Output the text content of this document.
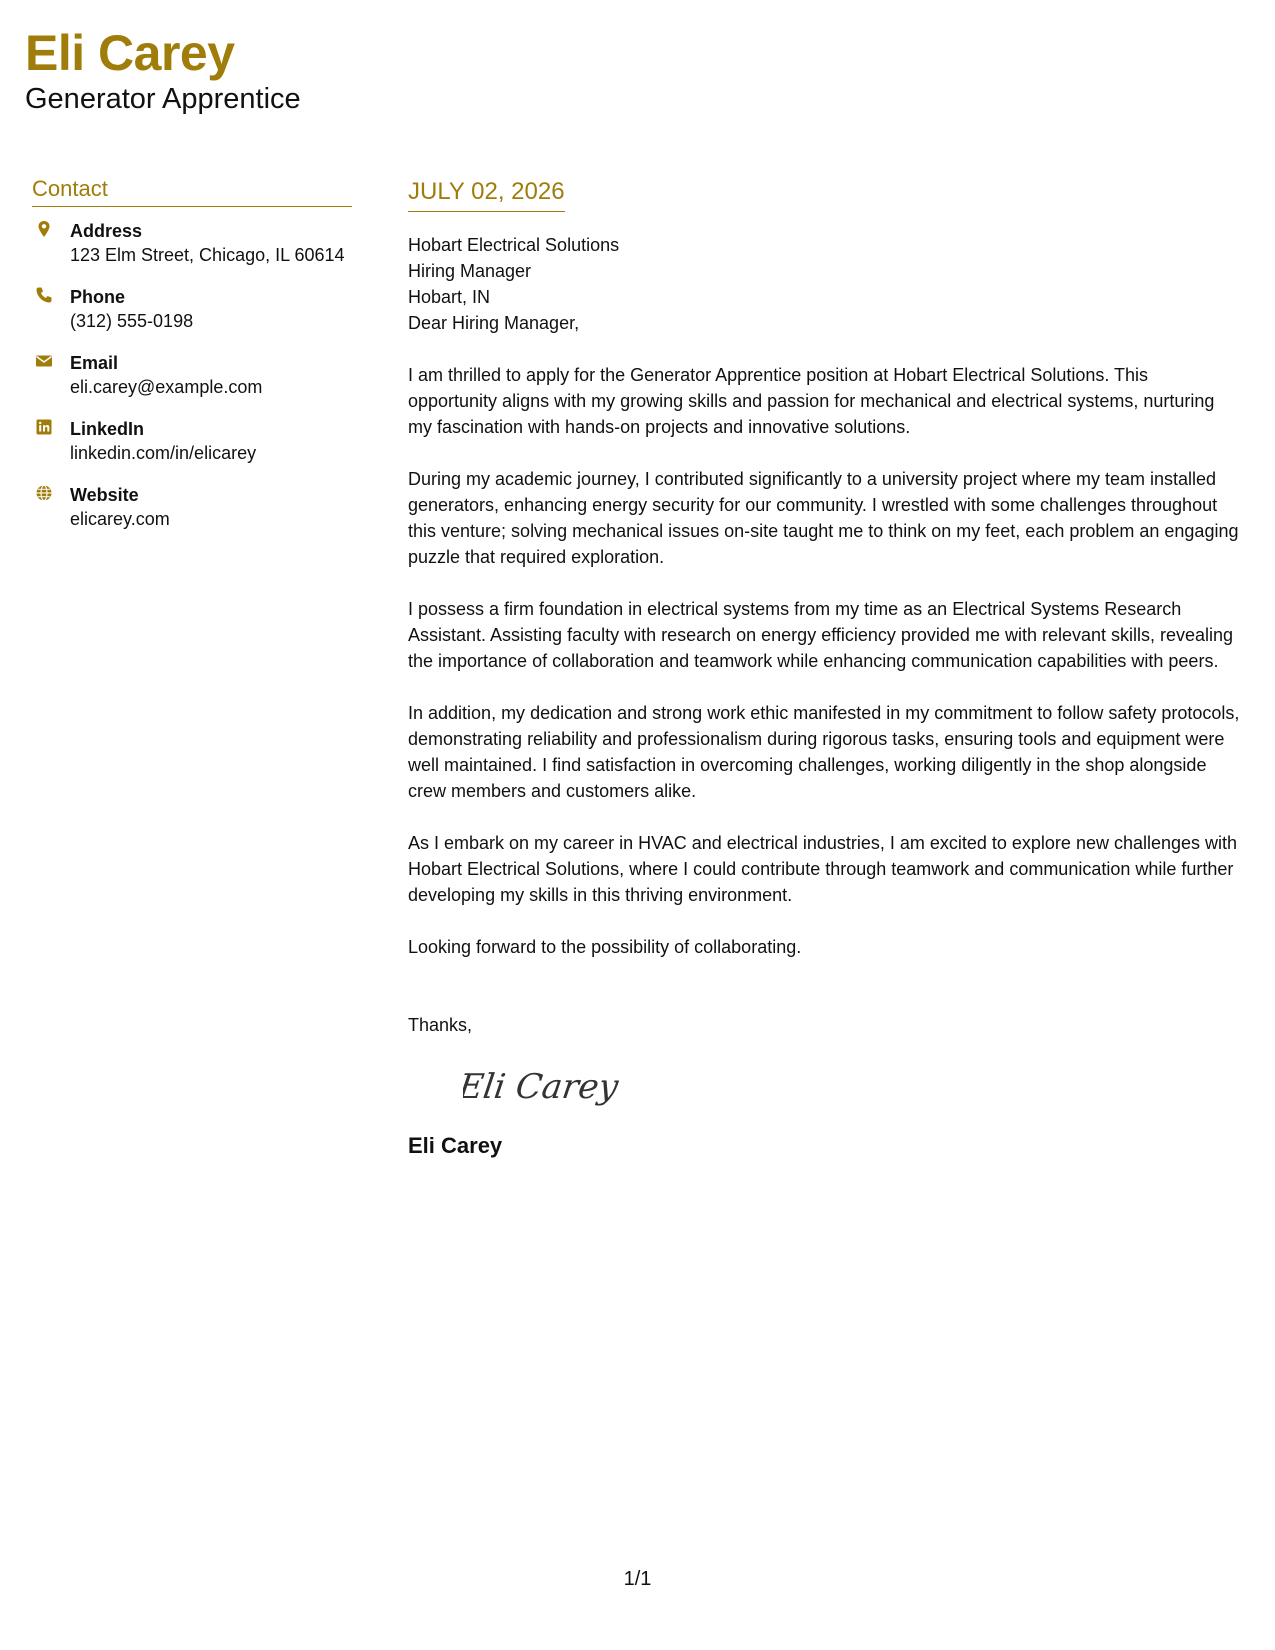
Eli Carey
Generator Apprentice
Contact
Address
123 Elm Street, Chicago, IL 60614
Phone
(312) 555-0198
Email
eli.carey@example.com
LinkedIn
linkedin.com/in/elicarey
Website
elicarey.com
JULY 02, 2026
Hobart Electrical Solutions
Hiring Manager
Hobart, IN

Dear Hiring Manager,

I am thrilled to apply for the Generator Apprentice position at Hobart Electrical Solutions. This opportunity aligns with my growing skills and passion for mechanical and electrical systems, nurturing my fascination with hands-on projects and innovative solutions.

During my academic journey, I contributed significantly to a university project where my team installed generators, enhancing energy security for our community. I wrestled with some challenges throughout this venture; solving mechanical issues on-site taught me to think on my feet, each problem an engaging puzzle that required exploration.

I possess a firm foundation in electrical systems from my time as an Electrical Systems Research Assistant. Assisting faculty with research on energy efficiency provided me with relevant skills, revealing the importance of collaboration and teamwork while enhancing communication capabilities with peers.

In addition, my dedication and strong work ethic manifested in my commitment to follow safety protocols, demonstrating reliability and professionalism during rigorous tasks, ensuring tools and equipment were well maintained. I find satisfaction in overcoming challenges, working diligently in the shop alongside crew members and customers alike.

As I embark on my career in HVAC and electrical industries, I am excited to explore new challenges with Hobart Electrical Solutions, where I could contribute through teamwork and communication while further developing my skills in this thriving environment.

Looking forward to the possibility of collaborating.

Thanks,
Eli Carey
Eli Carey
1/1
